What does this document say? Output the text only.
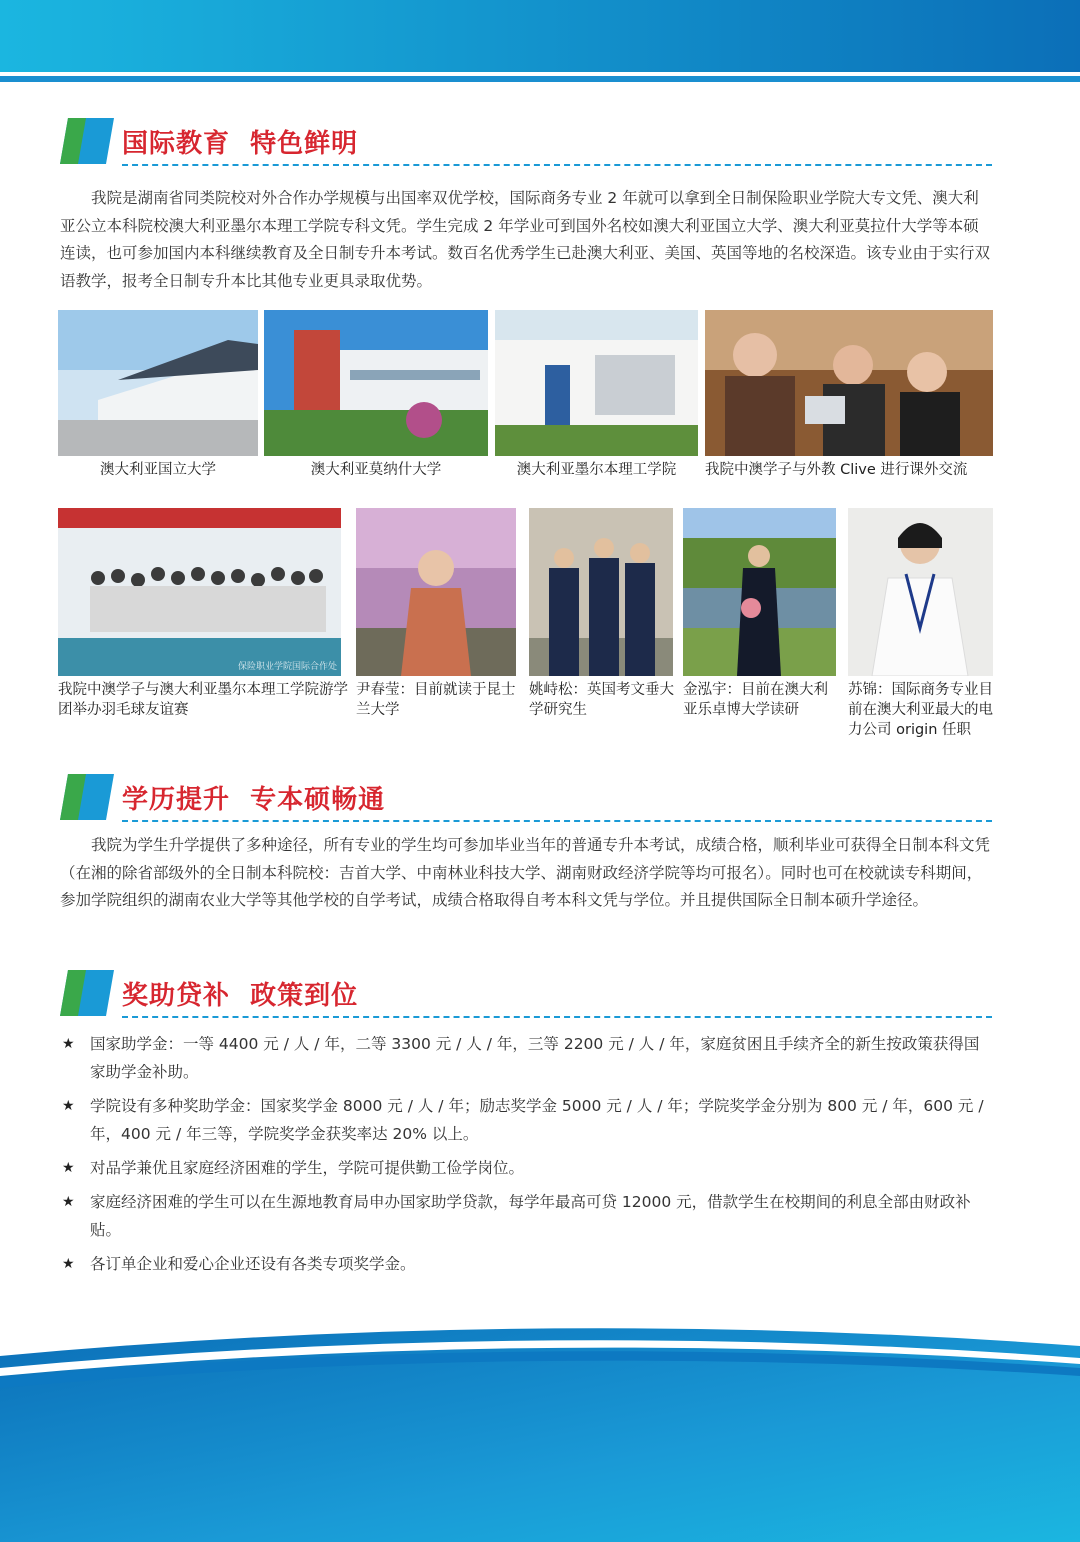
国际教育  特色鲜明

我院是湖南省同类院校对外合作办学规模与出国率双优学校，国际商务专业 2 年就可以拿到全日制保险职业学院大专文凭、澳大利亚公立本科院校澳大利亚墨尔本理工学院专科文凭。学生完成 2 年学业可到国外名校如澳大利亚国立大学、澳大利亚莫拉什大学等本硕连读，也可参加国内本科继续教育及全日制专升本考试。数百名优秀学生已赴澳大利亚、美国、英国等地的名校深造。该专业由于实行双语教学，报考全日制专升本比其他专业更具录取优势。

澳大利亚国立大学	澳大利亚莫纳什大学	澳大利亚墨尔本理工学院	我院中澳学子与外教 Clive 进行课外交流
保险职业学院国际合作处
我院中澳学子与澳大利亚墨尔本理工学院游学团举办羽毛球友谊赛
尹春莹：目前就读于昆士兰大学
姚峙松：英国考文垂大学研究生
金泓宇：目前在澳大利亚乐卓博大学读研
苏锦：国际商务专业目前在澳大利亚最大的电力公司 origin 任职
学历提升  专本硕畅通

我院为学生升学提供了多种途径，所有专业的学生均可参加毕业当年的普通专升本考试，成绩合格，顺利毕业可获得全日制本科文凭（在湘的除省部级外的全日制本科院校：吉首大学、中南林业科技大学、湖南财政经济学院等均可报名）。同时也可在校就读专科期间，参加学院组织的湖南农业大学等其他学校的自学考试，成绩合格取得自考本科文凭与学位。并且提供国际全日制本硕升学途径。

奖助贷补  政策到位
★ 国家助学金：一等 4400 元 / 人 / 年，二等 3300 元 / 人 / 年，三等 2200 元 / 人 / 年，家庭贫困且手续齐全的新生按政策获得国家助学金补助。
★ 学院设有多种奖助学金：国家奖学金 8000 元 / 人 / 年；励志奖学金 5000 元 / 人 / 年；学院奖学金分别为 800 元 / 年，600 元 / 年，400 元 / 年三等，学院奖学金获奖率达 20% 以上。
★ 对品学兼优且家庭经济困难的学生，学院可提供勤工俭学岗位。
★ 家庭经济困难的学生可以在生源地教育局申办国家助学贷款，每学年最高可贷 12000 元，借款学生在校期间的利息全部由财政补贴。
★ 各订单企业和爱心企业还设有各类专项奖学金。
